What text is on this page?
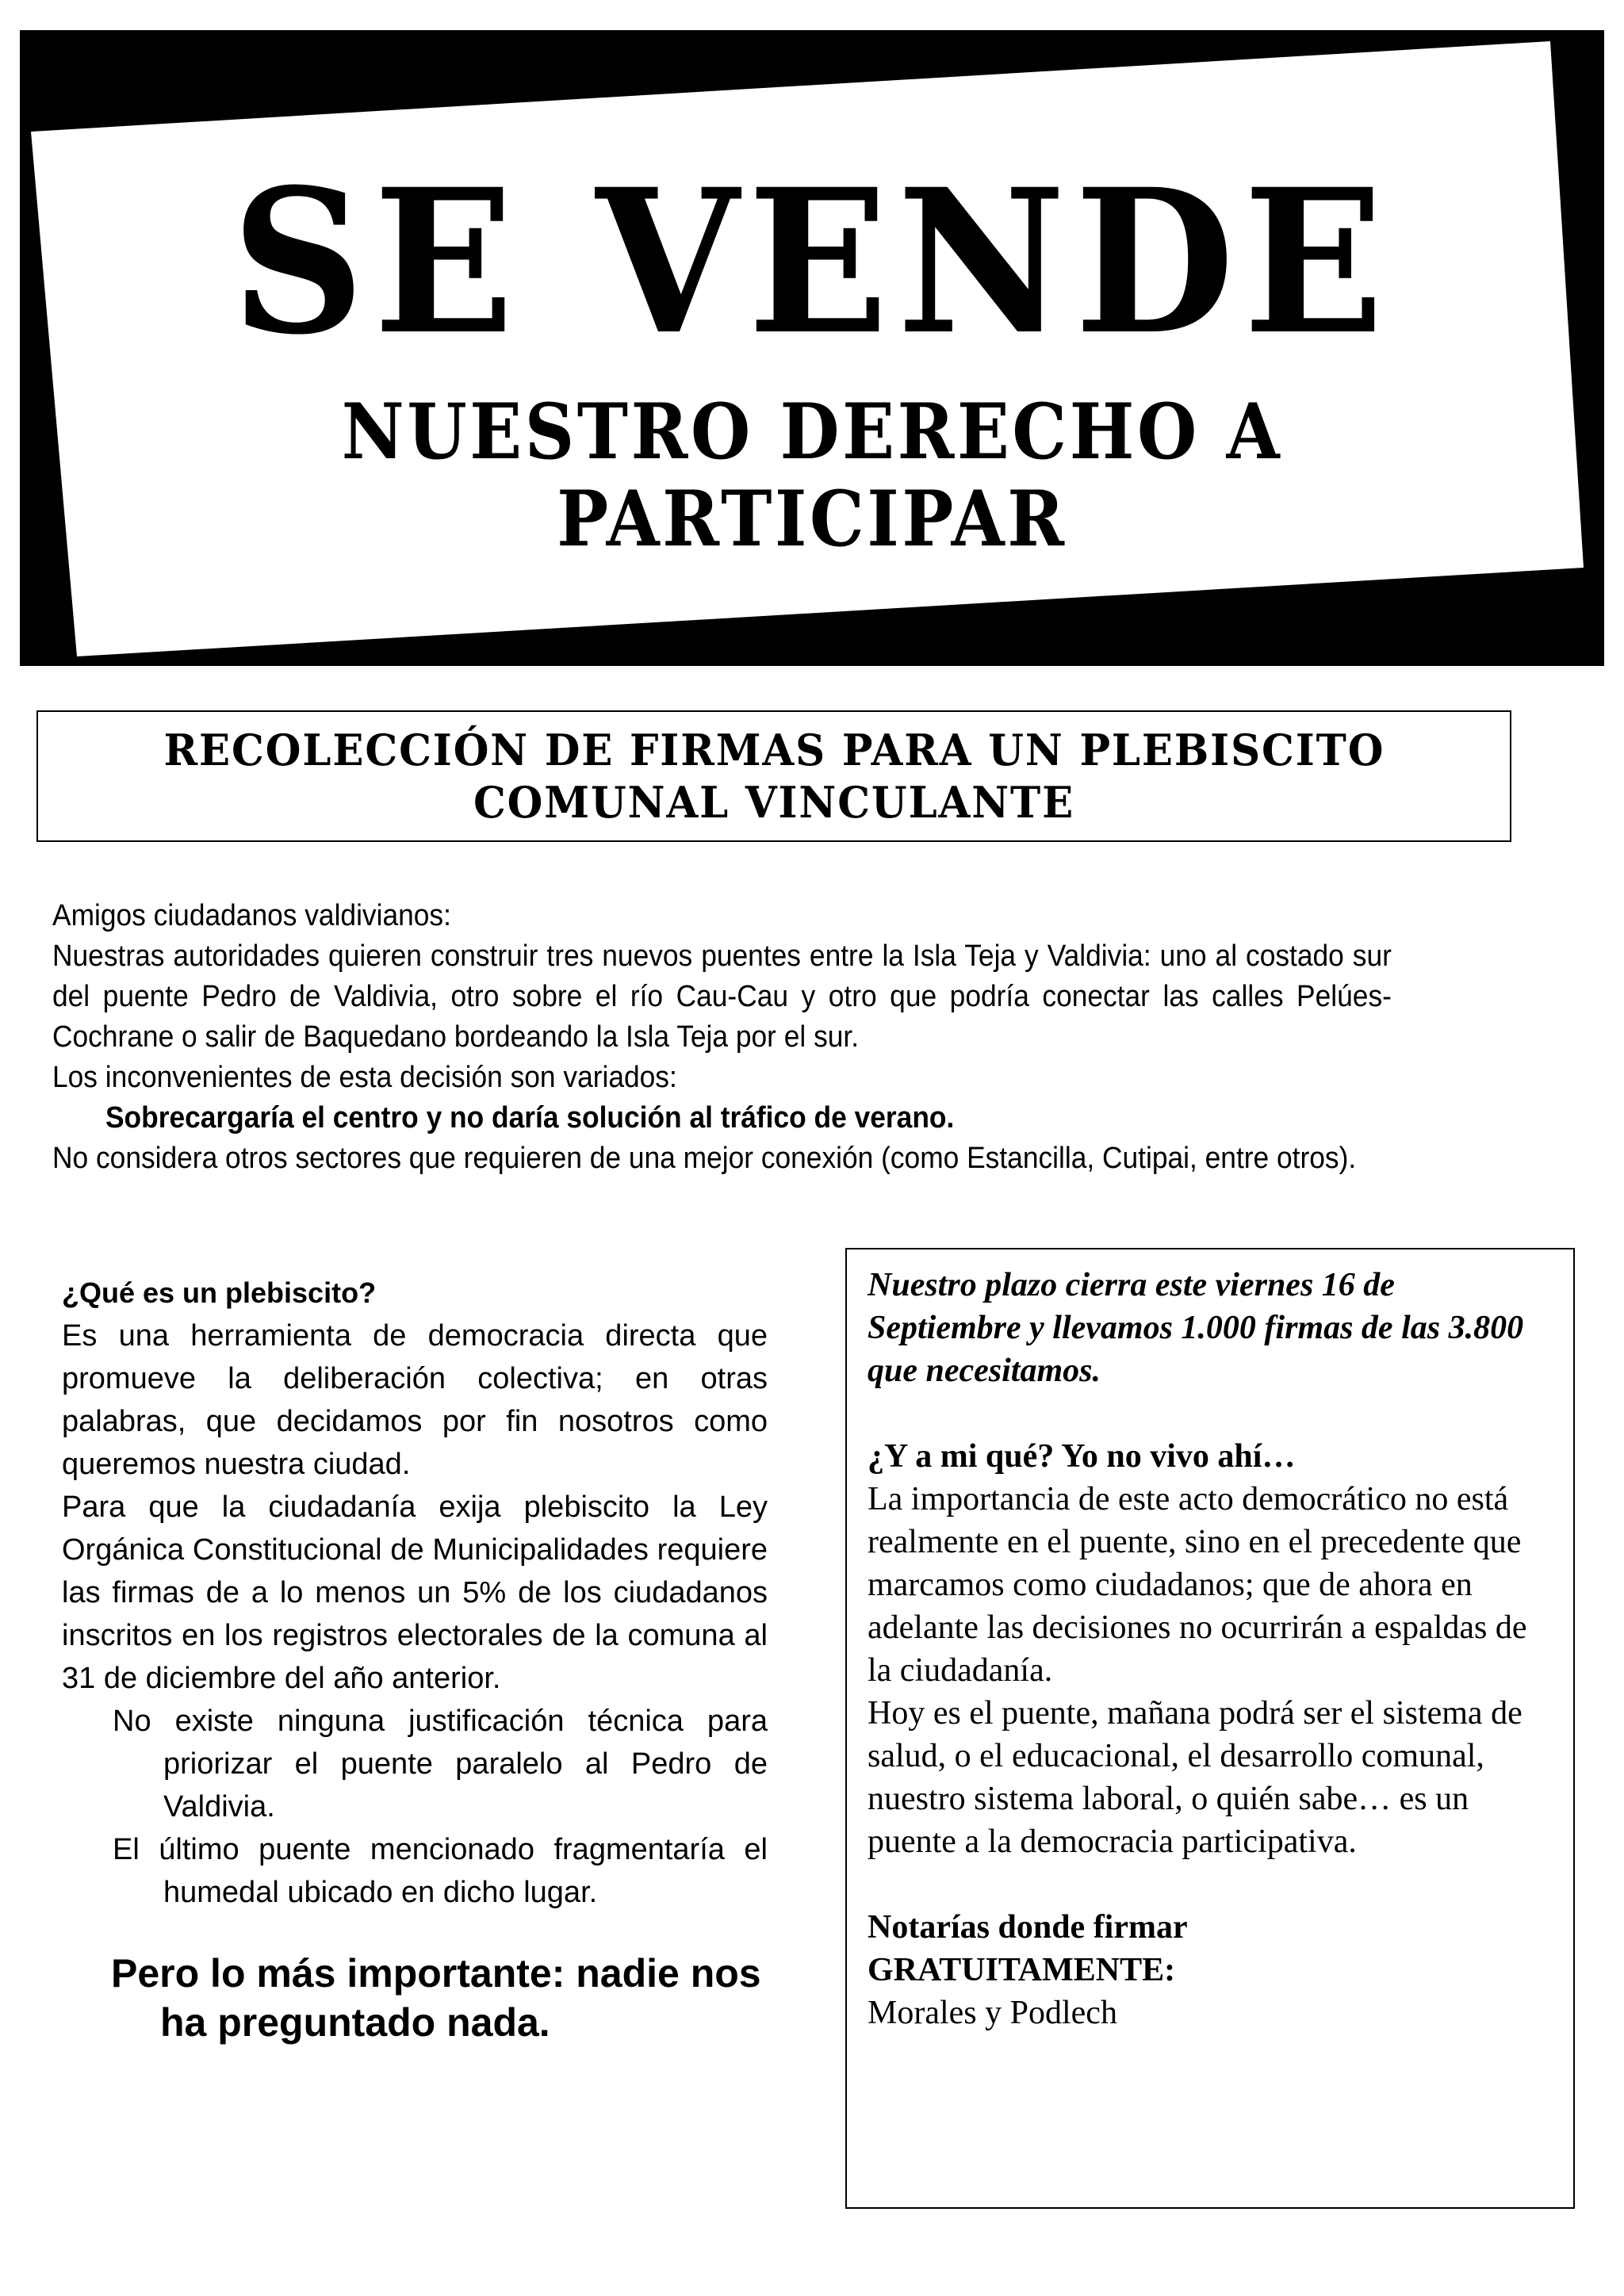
SE VENDE
NUESTRO DERECHO A PARTICIPAR
RECOLECCIÓN DE FIRMAS PARA UN PLEBISCITO
COMUNAL VINCULANTE

Amigos ciudadanos valdivianos:

Nuestras autoridades quieren construir tres nuevos puentes entre la Isla Teja y Valdivia: uno al costado sur del puente Pedro de Valdivia, otro sobre el río Cau-Cau y otro que podría conectar las calles Pelúes-Cochrane o salir de Baquedano bordeando la Isla Teja por el sur.

Los inconvenientes de esta decisión son variados:

Sobrecargaría el centro y no daría solución al tráfico de verano.

No considera otros sectores que requieren de una mejor conexión (como Estancilla, Cutipai, entre otros).

¿Qué es un plebiscito?

Es una herramienta de democracia directa que promueve la deliberación colectiva; en otras palabras, que decidamos por fin nosotros como queremos nuestra ciudad.

Para que la ciudadanía exija plebiscito la Ley Orgánica Constitucional de Municipalidades requiere las firmas de a lo menos un 5% de los ciudadanos inscritos en los registros electorales de la comuna al 31 de diciembre del año anterior.

No existe ninguna justificación técnica para priorizar el puente paralelo al Pedro de Valdivia.

El último puente mencionado fragmentaría el humedal ubicado en dicho lugar.

Pero lo más importante: nadie nos ha preguntado nada.

Nuestro plazo cierra este viernes 16 de Septiembre y llevamos 1.000 firmas de las 3.800 que necesitamos.

¿Y a mi qué? Yo no vivo ahí…

La importancia de este acto democrático no está realmente en el puente, sino en el precedente que marcamos como ciudadanos; que de ahora en adelante las decisiones no ocurrirán a espaldas de la ciudadanía.

Hoy es el puente, mañana podrá ser el sistema de salud, o el educacional, el desarrollo comunal, nuestro sistema laboral, o quién sabe… es un puente a la democracia participativa.

Notarías donde firmar

GRATUITAMENTE:

Morales y Podlech
